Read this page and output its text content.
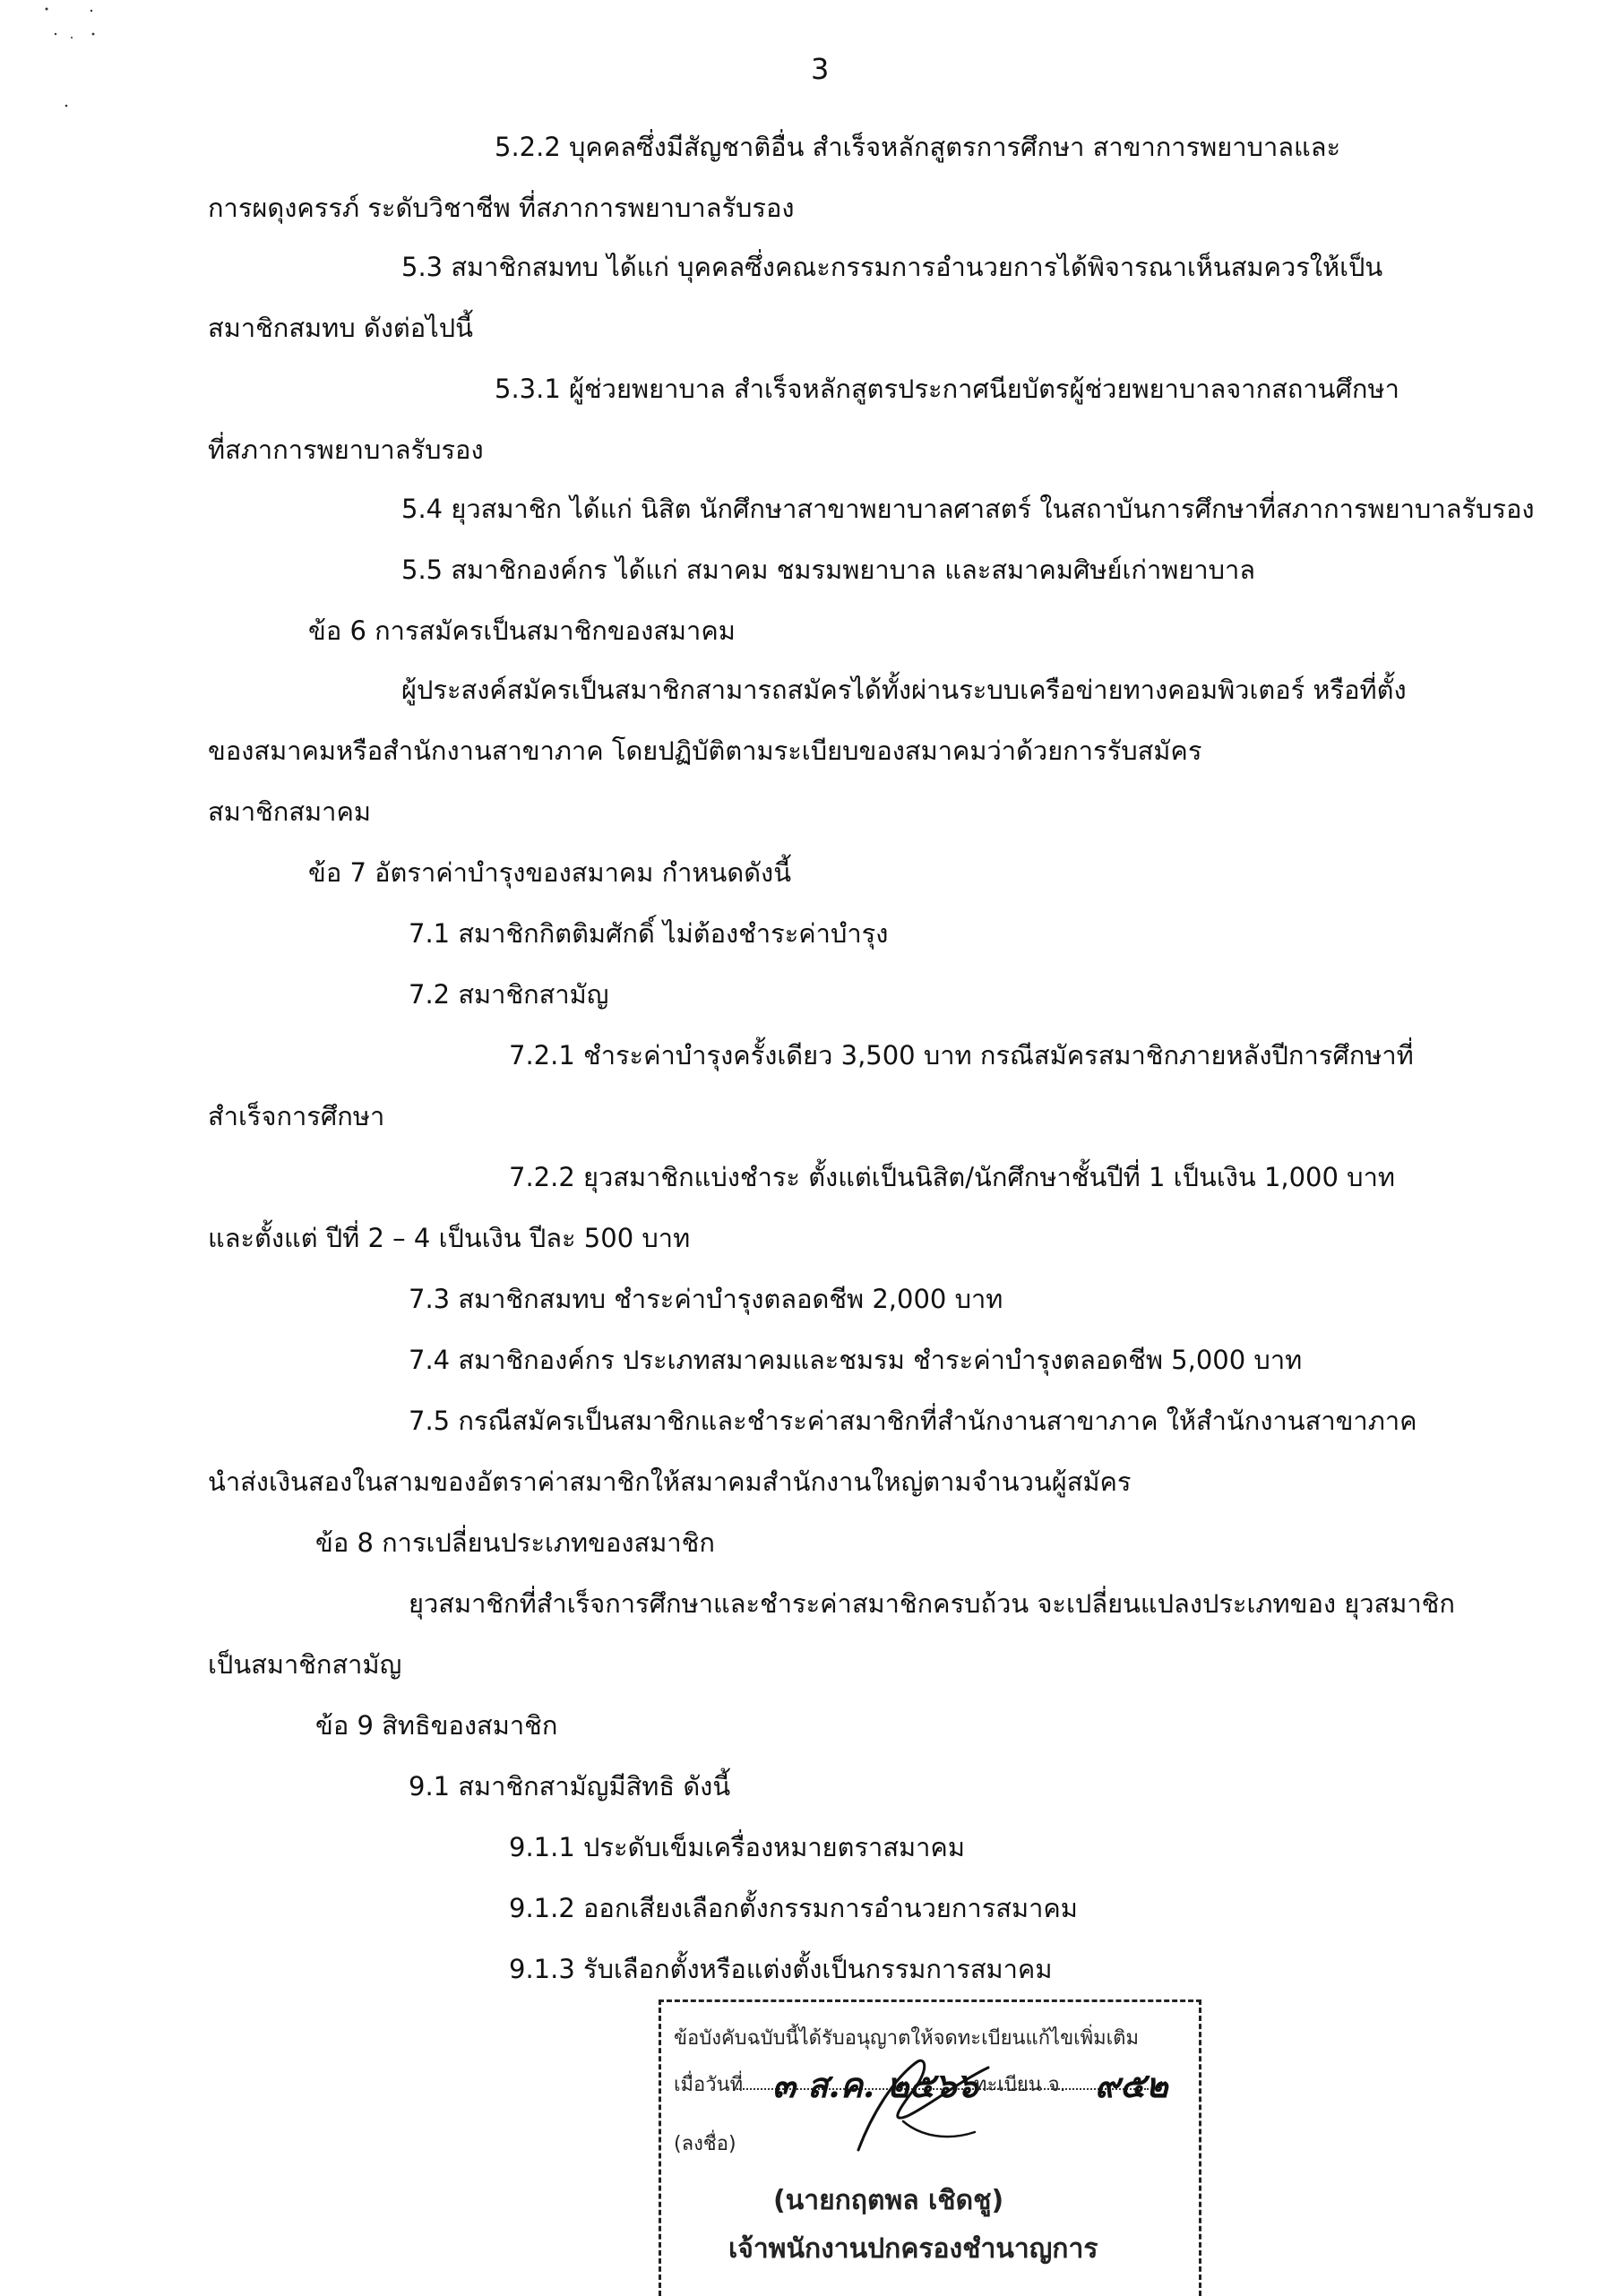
3
5.2.2 บุคคลซึ่งมีสัญชาติอื่น สำเร็จหลักสูตรการศึกษา สาขาการพยาบาลและ
การผดุงครรภ์ ระดับวิชาชีพ ที่สภาการพยาบาลรับรอง
5.3 สมาชิกสมทบ ได้แก่ บุคคลซึ่งคณะกรรมการอำนวยการได้พิจารณาเห็นสมควรให้เป็น
สมาชิกสมทบ ดังต่อไปนี้
5.3.1 ผู้ช่วยพยาบาล สำเร็จหลักสูตรประกาศนียบัตรผู้ช่วยพยาบาลจากสถานศึกษา
ที่สภาการพยาบาลรับรอง
5.4 ยุวสมาชิก ได้แก่ นิสิต นักศึกษาสาขาพยาบาลศาสตร์ ในสถาบันการศึกษาที่สภาการพยาบาลรับรอง
5.5 สมาชิกองค์กร ได้แก่ สมาคม ชมรมพยาบาล และสมาคมศิษย์เก่าพยาบาล
ข้อ 6 การสมัครเป็นสมาชิกของสมาคม
ผู้ประสงค์สมัครเป็นสมาชิกสามารถสมัครได้ทั้งผ่านระบบเครือข่ายทางคอมพิวเตอร์ หรือที่ตั้ง
ของสมาคมหรือสำนักงานสาขาภาค โดยปฏิบัติตามระเบียบของสมาคมว่าด้วยการรับสมัคร
สมาชิกสมาคม
ข้อ 7 อัตราค่าบำรุงของสมาคม กำหนดดังนี้
7.1 สมาชิกกิตติมศักดิ์ ไม่ต้องชำระค่าบำรุง
7.2 สมาชิกสามัญ
7.2.1 ชำระค่าบำรุงครั้งเดียว 3,500 บาท กรณีสมัครสมาชิกภายหลังปีการศึกษาที่
สำเร็จการศึกษา
7.2.2 ยุวสมาชิกแบ่งชำระ ตั้งแต่เป็นนิสิต/นักศึกษาชั้นปีที่ 1 เป็นเงิน 1,000 บาท
และตั้งแต่ ปีที่ 2 – 4 เป็นเงิน ปีละ 500 บาท
7.3 สมาชิกสมทบ ชำระค่าบำรุงตลอดชีพ 2,000 บาท
7.4 สมาชิกองค์กร ประเภทสมาคมและชมรม ชำระค่าบำรุงตลอดชีพ 5,000 บาท
7.5 กรณีสมัครเป็นสมาชิกและชำระค่าสมาชิกที่สำนักงานสาขาภาค ให้สำนักงานสาขาภาค
นำส่งเงินสองในสามของอัตราค่าสมาชิกให้สมาคมสำนักงานใหญ่ตามจำนวนผู้สมัคร
ข้อ 8 การเปลี่ยนประเภทของสมาชิก
ยุวสมาชิกที่สำเร็จการศึกษาและชำระค่าสมาชิกครบถ้วน จะเปลี่ยนแปลงประเภทของ ยุวสมาชิก
เป็นสมาชิกสามัญ
ข้อ 9 สิทธิของสมาชิก
9.1 สมาชิกสามัญมีสิทธิ ดังนี้
9.1.1 ประดับเข็มเครื่องหมายตราสมาคม
9.1.2 ออกเสียงเลือกตั้งกรรมการอำนวยการสมาคม
9.1.3 รับเลือกตั้งหรือแต่งตั้งเป็นกรรมการสมาคม
ข้อบังคับฉบับนี้ได้รับอนุญาตให้จดทะเบียนแก้ไขเพิ่มเติม
เมื่อวันที่ ๓ ส.ค. ๒๕๖๖
ทะเบียน จ. ๙๕๒
(ลงชื่อ)
(นายกฤตพล เชิดชู)
เจ้าพนักงานปกครองชำนาญการ
